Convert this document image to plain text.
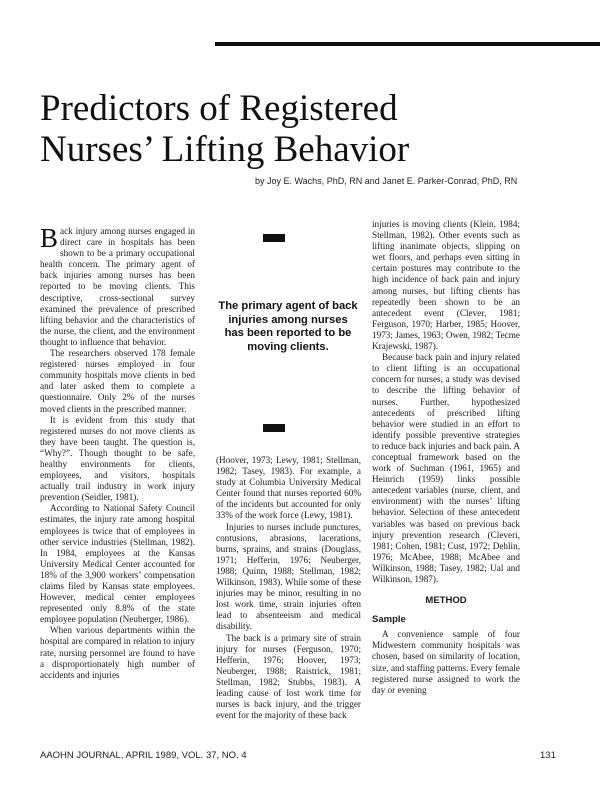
Predictors of Registered
Nurses’ Lifting Behavior
by Joy E. Wachs, PhD, RN and Janet E. Parker-Conrad, PhD, RN

Back injury among nurses engaged in direct care in hospitals has been shown to be a primary occupational health concern. The primary agent of back injuries among nurses has been reported to be moving clients. This descriptive, cross-sectional survey examined the prevalence of prescribed lifting behavior and the characteristics of the nurse, the client, and the environment thought to influence that behavior.

The researchers observed 178 female registered nurses employed in four community hospitals move clients in bed and later asked them to complete a questionnaire. Only 2% of the nurses moved clients in the prescribed manner.

It is evident from this study that registered nurses do not move clients as they have been taught. The question is, “Why?”. Though thought to be safe, healthy environments for clients, employees, and visitors, hospitals actually trail industry in work injury prevention (Seidler, 1981).

According to National Safety Council estimates, the injury rate among hospital employees is twice that of employees in other service industries (Stellman, 1982). In 1984, employees at the Kansas University Medical Center accounted for 18% of the 3,900 workers’ compensation claims filed by Kansas state employees. However, medical center employees represented only 8.8% of the state employee population (Neuberger, 1986).

When various departments within the hospital are compared in relation to injury rate, nursing personnel are found to have a disproportionately high number of accidents and injuries

The primary agent of back injuries among nurses has been reported to be moving clients.

(Hoover, 1973; Lewy, 1981; Stellman, 1982; Tasey, 1983). For example, a study at Columbia University Medical Center found that nurses reported 60% of the incidents but accounted for only 33% of the work force (Lewy, 1981).

Injuries to nurses include punctures, contusions, abrasions, lacerations, burns, sprains, and strains (Douglass, 1971; Hefferin, 1976; Neuberger, 1988; Quinn, 1988; Stellman, 1982; Wilkinson, 1983). While some of these injuries may be minor, resulting in no lost work time, strain injuries often lead to absenteeism and medical disability.

The back is a primary site of strain injury for nurses (Ferguson, 1970; Hefferin, 1976; Hoover, 1973; Neuberger, 1988; Raistrick, 1981; Stellman, 1982; Stubbs, 1983). A leading cause of lost work time for nurses is back injury, and the trigger event for the majority of these back

injuries is moving clients (Klein, 1984; Stellman, 1982). Other events such as lifting inanimate objects, slipping on wet floors, and perhaps even sitting in certain postures may contribute to the high incidence of back pain and injury among nurses, but lifting clients has repeatedly been shown to be an antecedent event (Clever, 1981; Ferguson, 1970; Harber, 1985; Hoover, 1973; James, 1963; Owen, 1982; Tecme Krajewski, 1987).

Because back pain and injury related to client lifting is an occupational concern for nurses, a study was devised to describe the lifting behavior of nurses. Further, hypothesized antecedents of prescribed lifting behavior were studied in an effort to identify possible preventive strategies to reduce back injuries and back pain. A conceptual framework based on the work of Suchman (1961, 1965) and Heinrich (1959) links possible antecedent variables (nurse, client, and environment) with the nurses’ lifting behavior. Selection of these antecedent variables was based on previous back injury prevention research (Cleveri, 1981; Cohen, 1981; Cust, 1972; Dehlin, 1976; McAbee, 1988; McAbee and Wilkinson, 1988; Tasey, 1982; Ual and Wilkinson, 1987).

METHOD
Sample

A convenience sample of four Midwestern community hospitals was chosen, based on similarity of location, size, and staffing patterns. Every female registered nurse assigned to work the day or evening

AAOHN JOURNAL, APRIL 1989, VOL. 37, NO. 4	131
